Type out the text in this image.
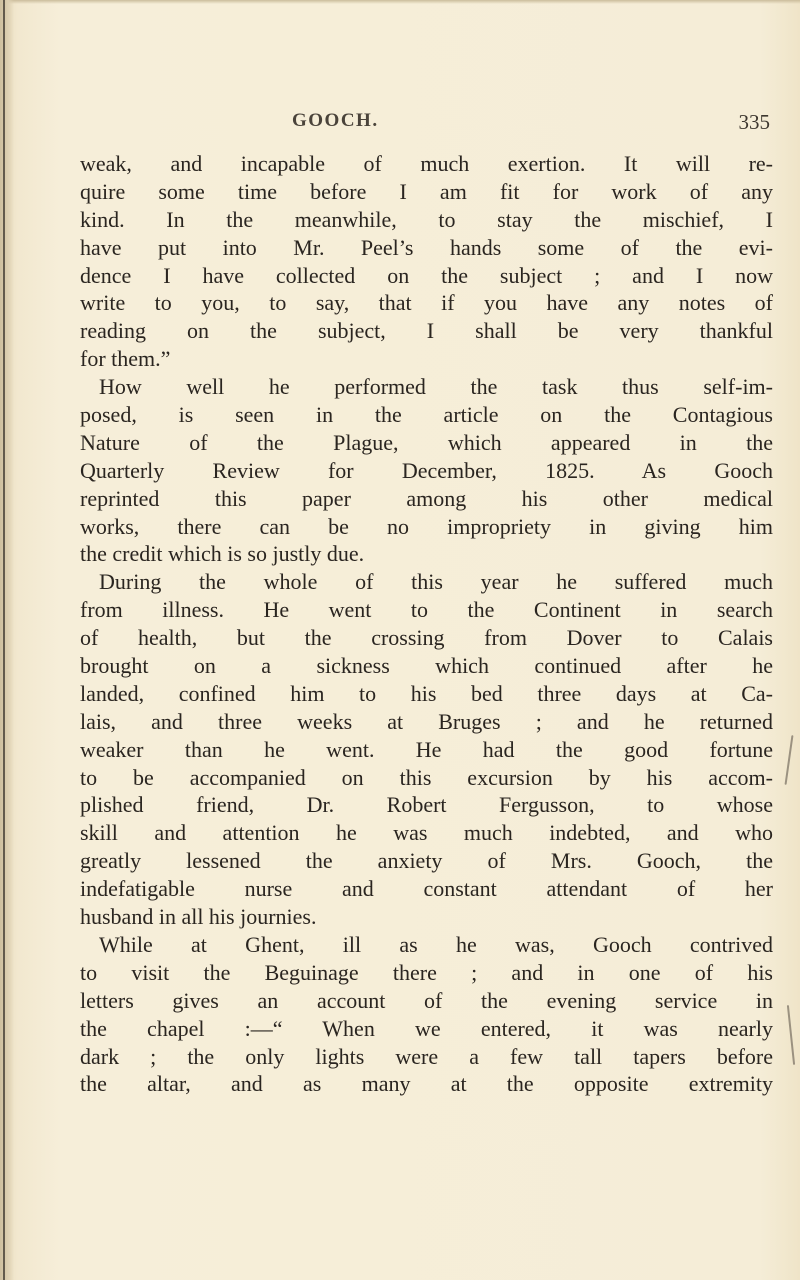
GOOCH.	335
weak, and incapable of much exertion. It will re-
quire some time before I am fit for work of any
kind. In the meanwhile, to stay the mischief, I
have put into Mr. Peel’s hands some of the evi-
dence I have collected on the subject ; and I now
write to you, to say, that if you have any notes of
reading on the subject, I shall be very thankful
for them.”
How well he performed the task thus self-im-
posed, is seen in the article on the Contagious
Nature of the Plague, which appeared in the
Quarterly Review for December, 1825. As Gooch
reprinted this paper among his other medical
works, there can be no impropriety in giving him
the credit which is so justly due.
During the whole of this year he suffered much
from illness. He went to the Continent in search
of health, but the crossing from Dover to Calais
brought on a sickness which continued after he
landed, confined him to his bed three days at Ca-
lais, and three weeks at Bruges ; and he returned
weaker than he went. He had the good fortune
to be accompanied on this excursion by his accom-
plished friend, Dr. Robert Fergusson, to whose
skill and attention he was much indebted, and who
greatly lessened the anxiety of Mrs. Gooch, the
indefatigable nurse and constant attendant of her
husband in all his journies.
While at Ghent, ill as he was, Gooch contrived
to visit the Beguinage there ; and in one of his
letters gives an account of the evening service in
the chapel :—“ When we entered, it was nearly
dark ; the only lights were a few tall tapers before
the altar, and as many at the opposite extremity
